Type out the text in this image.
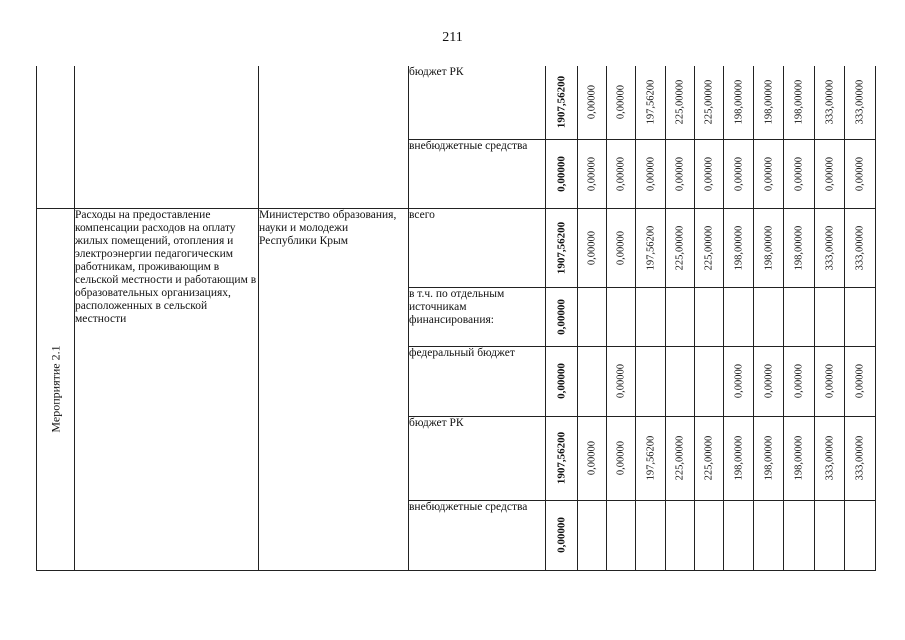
211
			бюджет РК	1907,56200	0,00000	0,00000	197,56200	225,00000	225,00000	198,00000	198,00000	198,00000	333,00000	333,00000

			внебюджетные средства	0,00000	0,00000	0,00000	0,00000	0,00000	0,00000	0,00000	0,00000	0,00000	0,00000	0,00000

Мероприятие 2.1	Расходы на предоставление компенсации расходов на оплату жилых помещений, отопления и электроэнергии педагогическим работникам, проживающим в сельской местности и работающим в образовательных организациях, расположенных в сельской местности	Министерство образования, науки и молодежи Республики Крым	всего	1907,56200	0,00000	0,00000	197,56200	225,00000	225,00000	198,00000	198,00000	198,00000	333,00000	333,00000

			в т.ч. по отдельным источникам финансирования:	0,00000										

			федеральный бюджет	0,00000		0,00000				0,00000	0,00000	0,00000	0,00000	0,00000

			бюджет РК	1907,56200	0,00000	0,00000	197,56200	225,00000	225,00000	198,00000	198,00000	198,00000	333,00000	333,00000

			внебюджетные средства	0,00000										
